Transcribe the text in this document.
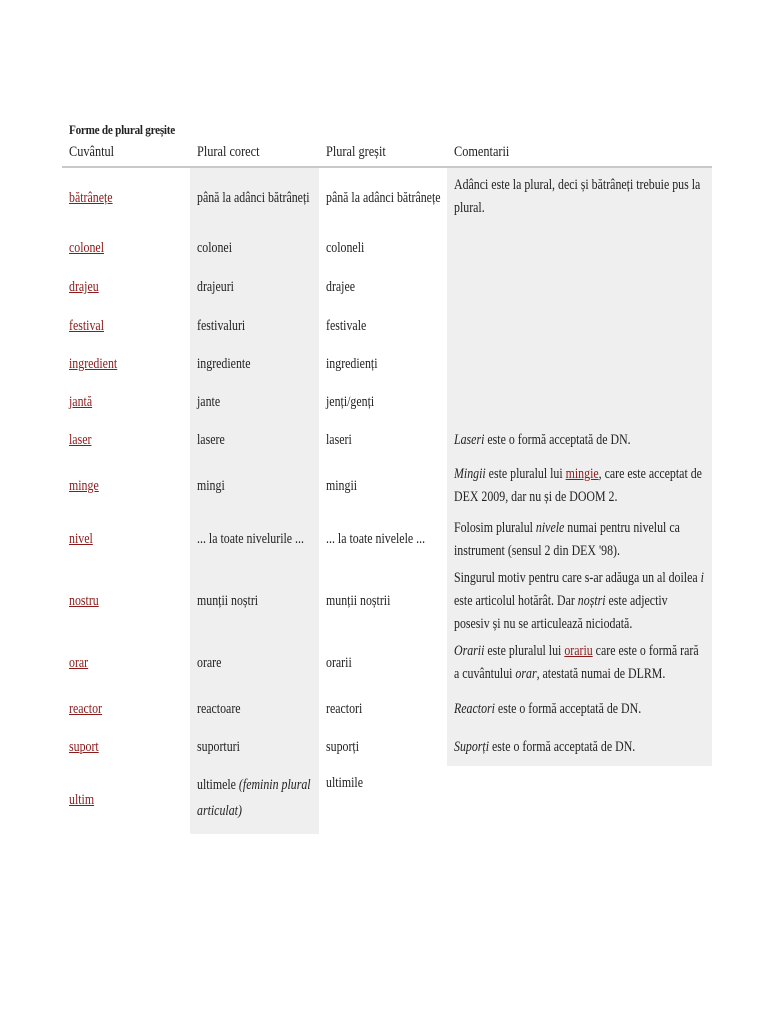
Forme de plural greșite
Cuvântul	Plural corect	Plural greșit	Comentarii
bătrânețe	până la adânci bătrâneți	până la adânci bătrânețe	Adânci este la plural, deci și bătrâneți trebuie pus la plural.

colonel	colonei	coloneli	

drajeu	drajeuri	drajee	

festival	festivaluri	festivale	

ingredient	ingrediente	ingredienți	

jantă	jante	jenți/genți	

laser	lasere	laseri	Laseri este o formă acceptată de DN.

minge	mingi	mingii	Mingii este pluralul lui mingie, care este acceptat de DEX 2009, dar nu și de DOOM 2.

nivel	... la toate nivelurile ...	... la toate nivelele ...	Folosim pluralul nivele numai pentru nivelul ca instrument (sensul 2 din DEX '98).

nostru	munții noștri	munții noștrii	Singurul motiv pentru care s-ar adăuga un al doilea i este articolul hotărât. Dar noștri este adjectiv posesiv și nu se articulează niciodată.

orar	orare	orarii	Orarii este pluralul lui orariu care este o formă rară a cuvântului orar, atestată numai de DLRM.

reactor	reactoare	reactori	Reactori este o formă acceptată de DN.

suport	suporturi	suporți	Suporți este o formă acceptată de DN.

ultim	ultimele (feminin plural articulat)	ultimile	
